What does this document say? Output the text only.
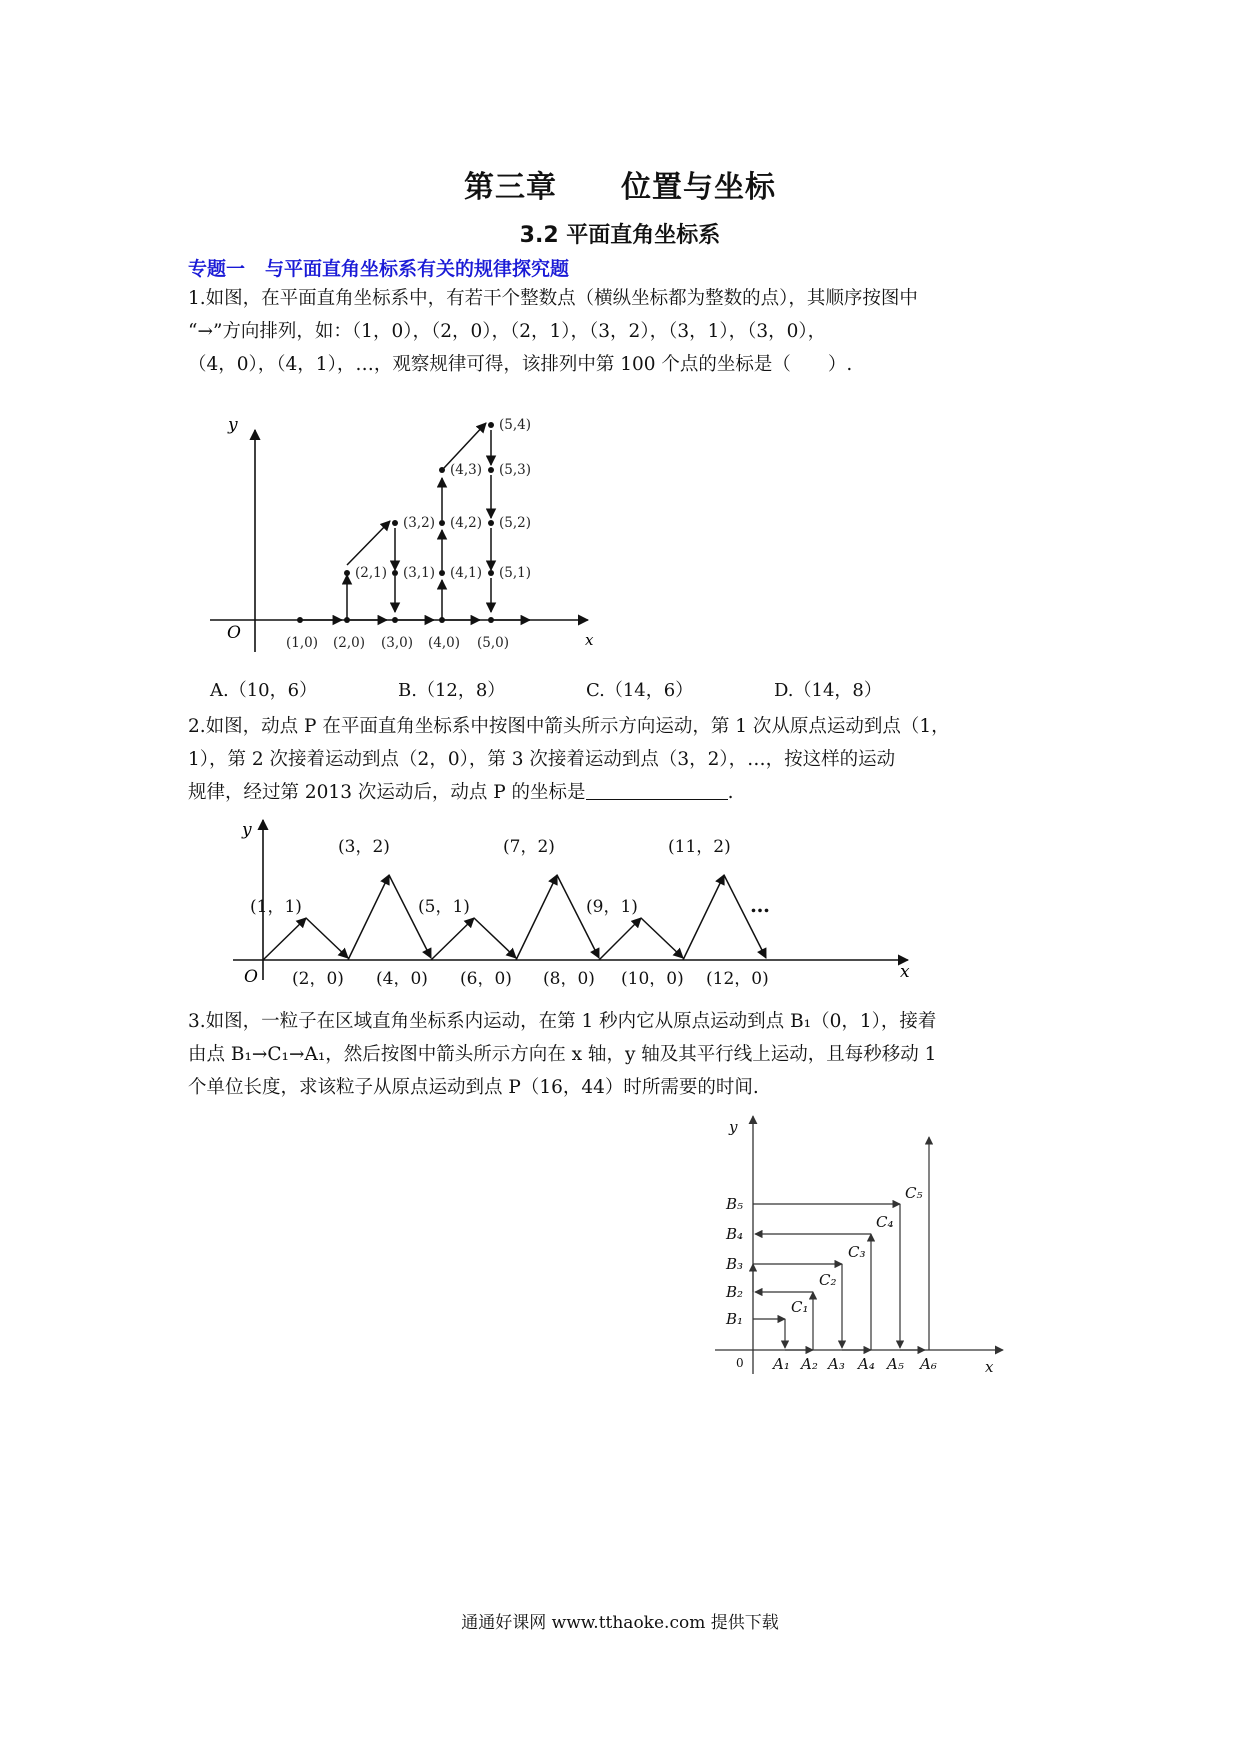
第三章 位置与坐标
3.2 平面直角坐标系
专题一 与平面直角坐标系有关的规律探究题
1.如图，在平面直角坐标系中，有若干个整数点（横纵坐标都为整数的点），其顺序按图中
“→”方向排列，如：（1，0），（2，0），（2，1），（3，2），（3，1），（3，0），
（4，0），（4，1），…，观察规律可得，该排列中第 100 个点的坐标是（　　）.
O	x
y
(1,0) (2,0) (3,0) (4,0) (5,0)
(2,1) (3,1) (4,1) (5,1)
(3,2) (4,2) (5,2)
(4,3) (5,3)
(5,4)
A.（10，6）	B.（12，8）	C.（14，6）	D.（14，8）
2.如图，动点 P 在平面直角坐标系中按图中箭头所示方向运动，第 1 次从原点运动到点（1，
1），第 2 次接着运动到点（2，0），第 3 次接着运动到点（3，2），…，按这样的运动
规律，经过第 2013 次运动后，动点 P 的坐标是	.
y
x
O
(1，1)
(3，2)
(5，1)
(7，2)
(9，1)
(11，2)
(2，0) (4，0) (6，0) (8，0) (10，0) (12，0)
…
3.如图，一粒子在区域直角坐标系内运动，在第 1 秒内它从原点运动到点 B₁（0，1），接着
由点 B₁→C₁→A₁，然后按图中箭头所示方向在 x 轴，y 轴及其平行线上运动，且每秒移动 1
个单位长度，求该粒子从原点运动到点 P（16，44）时所需要的时间.
y
x
0
B₁
B₂
B₃
B₄
B₅
C₁
C₂
C₃
C₄
C₅
A₁ A₂ A₃ A₄ A₅ A₆
通通好课网 www.tthaoke.com 提供下载
